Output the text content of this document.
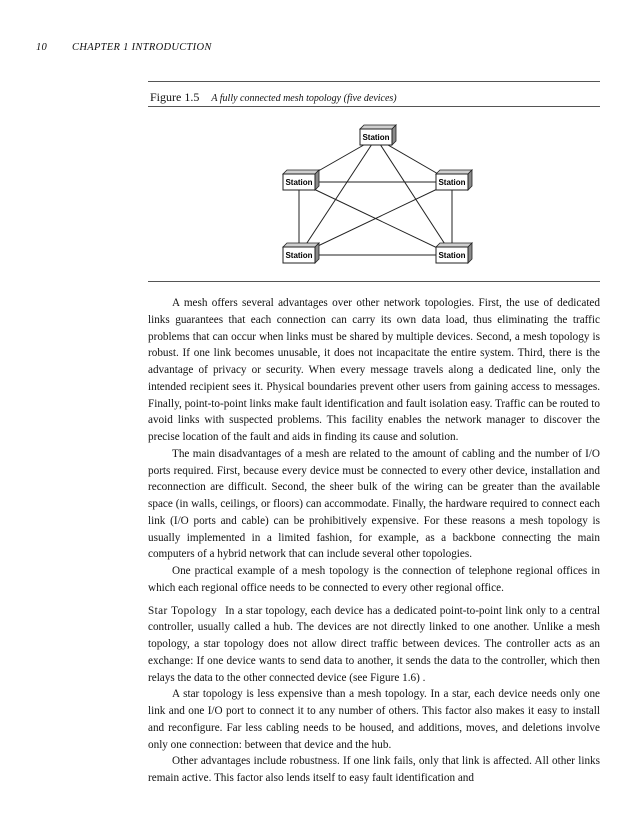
10 CHAPTER 1 INTRODUCTION
Figure 1.5 A fully connected mesh topology (five devices)
Station
Station	Station
Station	Station

A mesh offers several advantages over other network topologies. First, the use of dedicated links guarantees that each connection can carry its own data load, thus eliminating the traffic problems that can occur when links must be shared by multiple devices. Second, a mesh topology is robust. If one link becomes unusable, it does not incapacitate the entire system. Third, there is the advantage of privacy or security. When every message travels along a dedicated line, only the intended recipient sees it. Physical boundaries prevent other users from gaining access to messages. Finally, point-to-point links make fault identification and fault isolation easy. Traffic can be routed to avoid links with suspected problems. This facility enables the network manager to discover the precise location of the fault and aids in finding its cause and solution.

The main disadvantages of a mesh are related to the amount of cabling and the number of I/O ports required. First, because every device must be connected to every other device, installation and reconnection are difficult. Second, the sheer bulk of the wiring can be greater than the available space (in walls, ceilings, or floors) can accommodate. Finally, the hardware required to connect each link (I/O ports and cable) can be prohibitively expensive. For these reasons a mesh topology is usually implemented in a limited fashion, for example, as a backbone connecting the main computers of a hybrid network that can include several other topologies.

One practical example of a mesh topology is the connection of telephone regional offices in which each regional office needs to be connected to every other regional office.

Star Topology In a star topology, each device has a dedicated point-to-point link only to a central controller, usually called a hub. The devices are not directly linked to one another. Unlike a mesh topology, a star topology does not allow direct traffic between devices. The controller acts as an exchange: If one device wants to send data to another, it sends the data to the controller, which then relays the data to the other connected device (see Figure 1.6) .

A star topology is less expensive than a mesh topology. In a star, each device needs only one link and one I/O port to connect it to any number of others. This factor also makes it easy to install and reconfigure. Far less cabling needs to be housed, and additions, moves, and deletions involve only one connection: between that device and the hub.

Other advantages include robustness. If one link fails, only that link is affected. All other links remain active. This factor also lends itself to easy fault identification and
